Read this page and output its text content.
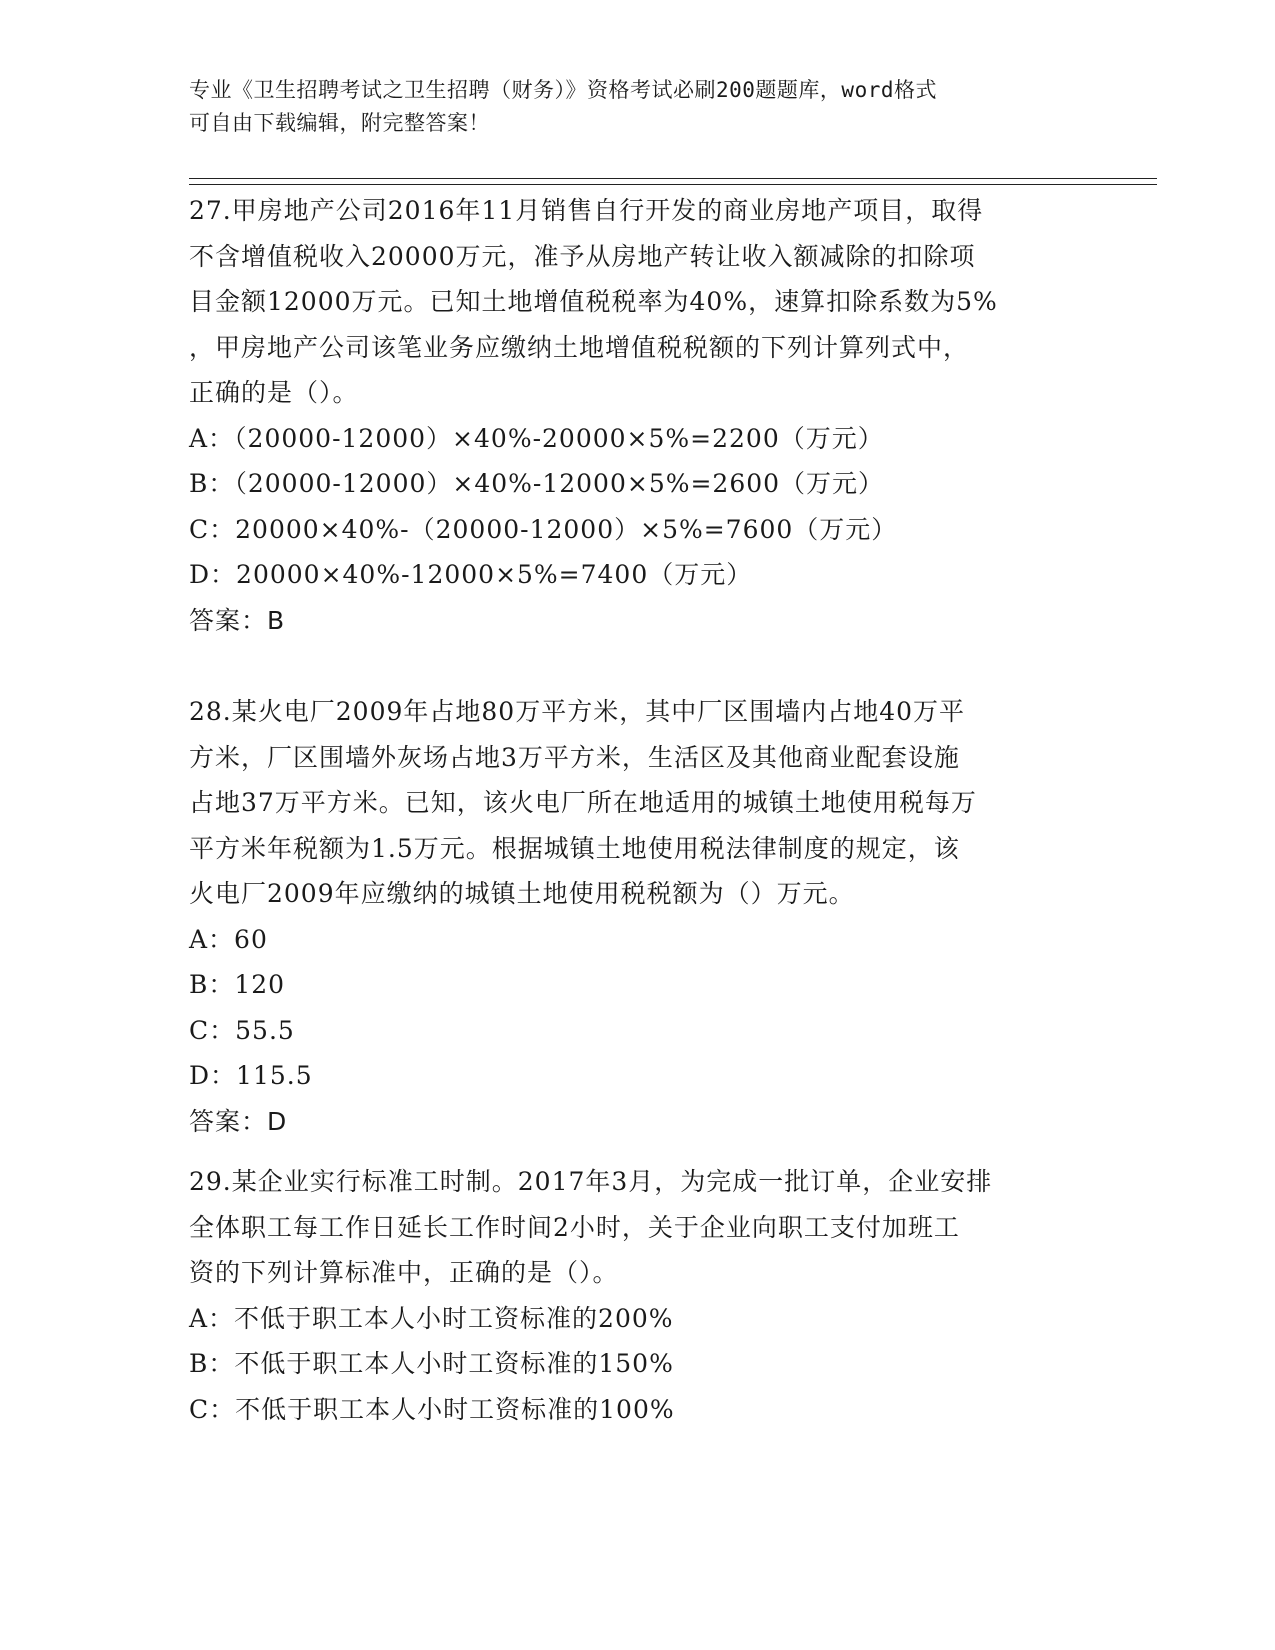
专业《卫生招聘考试之卫生招聘（财务）》资格考试必刷200题题库，word格式
可自由下载编辑，附完整答案！

27.甲房地产公司2016年11月销售自行开发的商业房地产项目，取得
不含增值税收入20000万元，准予从房地产转让收入额减除的扣除项
目金额12000万元。已知土地增值税税率为40%，速算扣除系数为5%
，甲房地产公司该笔业务应缴纳土地增值税税额的下列计算列式中，
正确的是（）。

A：（20000-12000）×40%-20000×5%=2200（万元）
B：（20000-12000）×40%-12000×5%=2600（万元）
C：20000×40%-（20000-12000）×5%=7600（万元）
D：20000×40%-12000×5%=7400（万元）
答案：B

28.某火电厂2009年占地80万平方米，其中厂区围墙内占地40万平
方米，厂区围墙外灰场占地3万平方米，生活区及其他商业配套设施
占地37万平方米。已知，该火电厂所在地适用的城镇土地使用税每万
平方米年税额为1.5万元。根据城镇土地使用税法律制度的规定，该
火电厂2009年应缴纳的城镇土地使用税税额为（）万元。

A：60
B：120
C：55.5
D：115.5
答案：D

29.某企业实行标准工时制。2017年3月，为完成一批订单，企业安排
全体职工每工作日延长工作时间2小时，关于企业向职工支付加班工
资的下列计算标准中，正确的是（）。

A：不低于职工本人小时工资标准的200%
B：不低于职工本人小时工资标准的150%
C：不低于职工本人小时工资标准的100%
